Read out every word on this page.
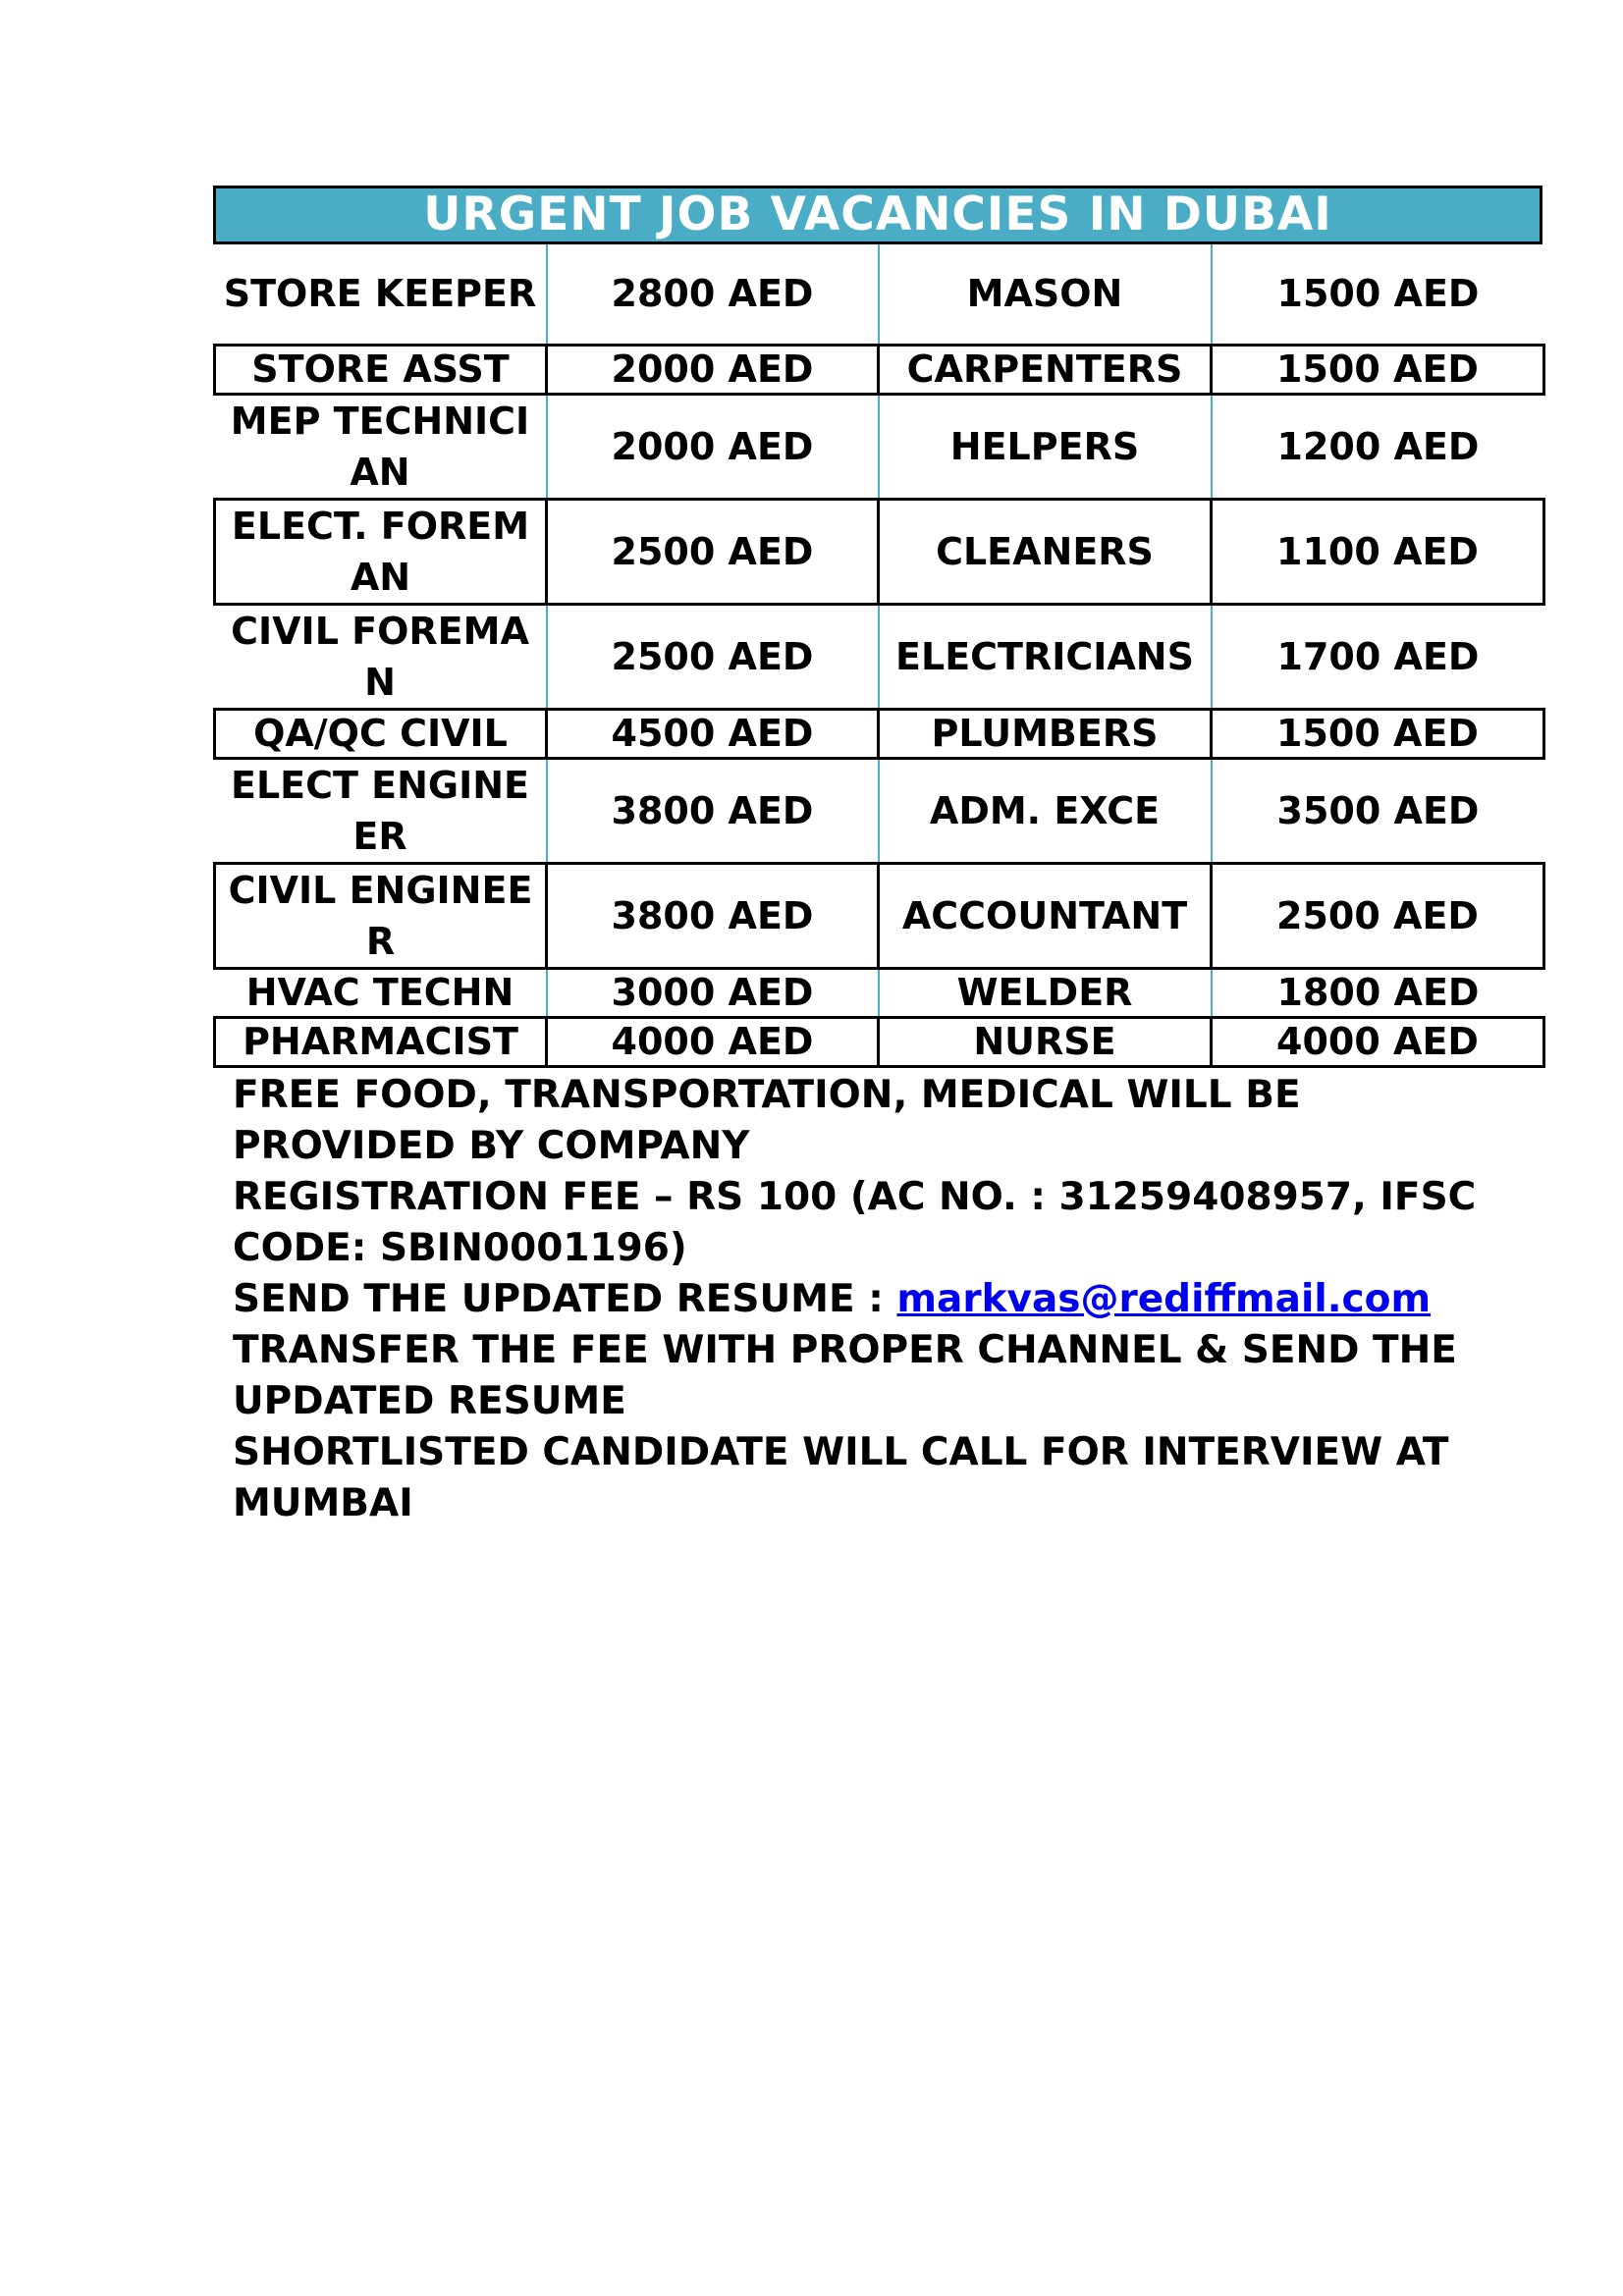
URGENT JOB VACANCIES IN DUBAI
STORE KEEPER	2800 AED	MASON	1500 AED
STORE ASST	2000 AED	CARPENTERS	1500 AED
MEP TECHNICIAN	2000 AED	HELPERS	1200 AED
ELECT. FOREMAN	2500 AED	CLEANERS	1100 AED
CIVIL FOREMAN	2500 AED	ELECTRICIANS	1700 AED
QA/QC CIVIL	4500 AED	PLUMBERS	1500 AED
ELECT ENGINEER	3800 AED	ADM. EXCE	3500 AED
CIVIL ENGINEER	3800 AED	ACCOUNTANT	2500 AED
HVAC TECHN	3000 AED	WELDER	1800 AED
PHARMACIST	4000 AED	NURSE	4000 AED

FREE FOOD, TRANSPORTATION, MEDICAL WILL BE PROVIDED BY COMPANY

REGISTRATION FEE – RS 100 (AC NO. : 31259408957, IFSC CODE: SBIN0001196)

SEND THE UPDATED RESUME : markvas@rediffmail.com

TRANSFER THE FEE WITH PROPER CHANNEL & SEND THE UPDATED RESUME

SHORTLISTED CANDIDATE WILL CALL FOR INTERVIEW AT MUMBAI
